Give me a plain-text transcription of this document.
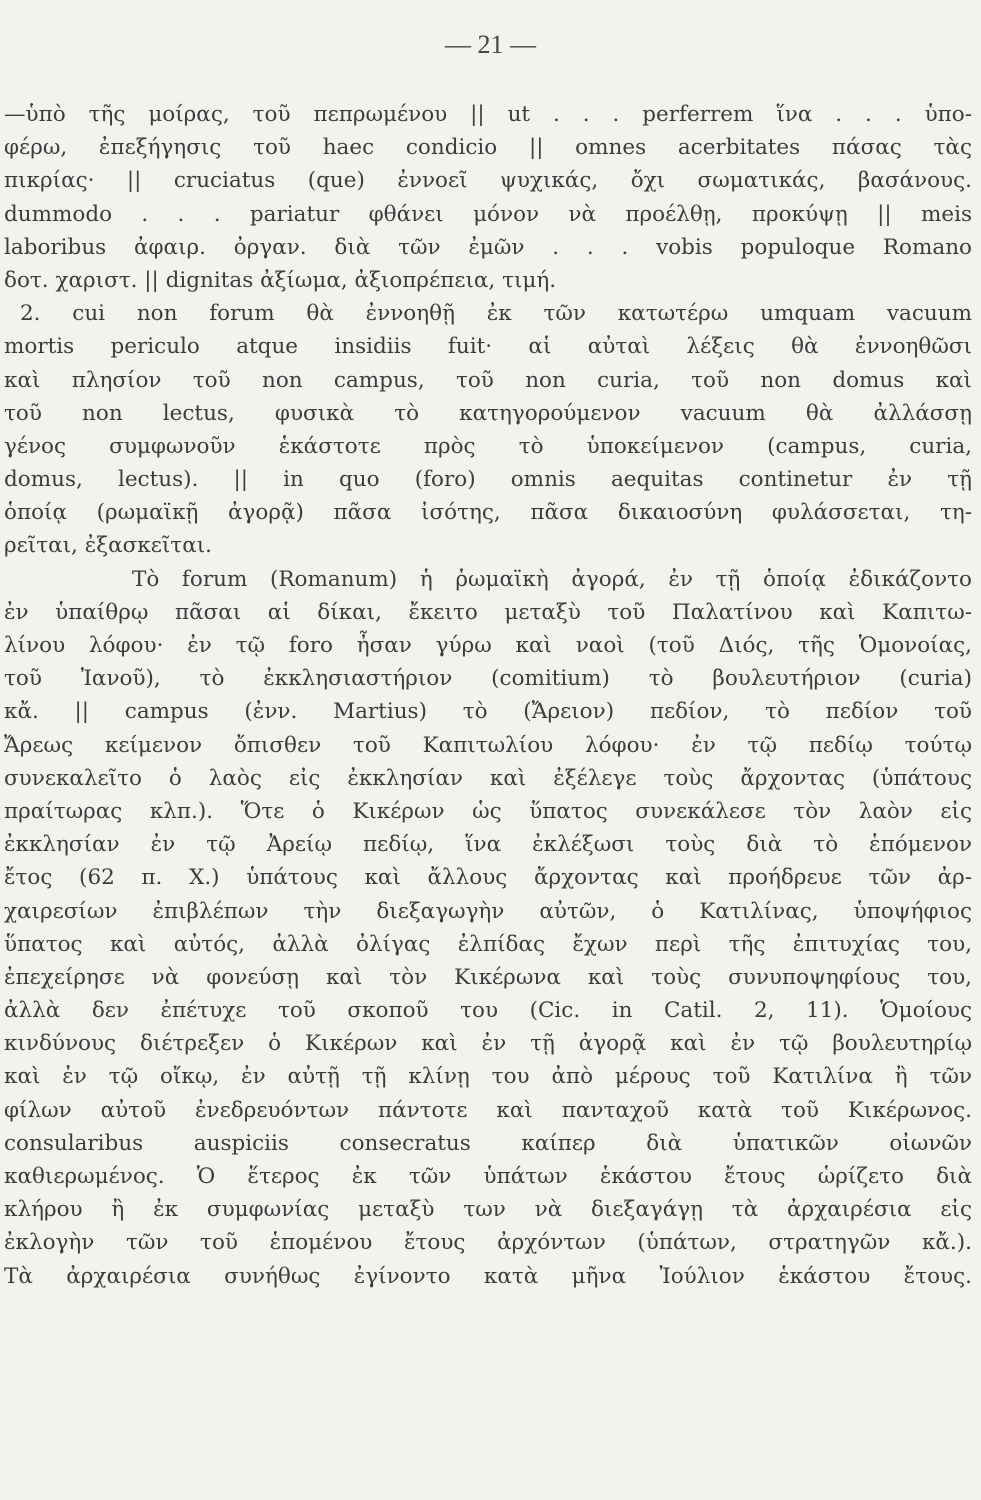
— 21 —
—ὑπὸ τῆς μοίρας, τοῦ πεπρωμένου || ut . . . perferrem ἵνα . . . ὑπο-
φέρω, ἐπεξήγησις τοῦ haec condicio || omnes acerbitates πάσας τὰς
πικρίας· || cruciatus (que) ἐννοεῖ ψυχικάς, ὄχι σωματικάς, βασάνους.
dummodo . . . pariatur φθάνει μόνον νὰ προέλθῃ, προκύψῃ || meis
laboribus ἀφαιρ. ὀργαν. διὰ τῶν ἐμῶν . . . vobis populoque Romano
δοτ. χαριστ. || dignitas ἀξίωμα, ἀξιοπρέπεια, τιμή.
2. cui non forum θὰ ἐννοηθῇ ἐκ τῶν κατωτέρω umquam vacuum
mortis periculo atque insidiis fuit· αἱ αὐταὶ λέξεις θὰ ἐννοηθῶσι
καὶ πλησίον τοῦ non campus, τοῦ non curia, τοῦ non domus καὶ
τοῦ non lectus, φυσικὰ τὸ κατηγορούμενον vacuum θὰ ἀλλάσσῃ
γένος συμφωνοῦν ἑκάστοτε πρὸς τὸ ὑποκείμενον (campus, curia,
domus, lectus). || in quo (foro) omnis aequitas continetur ἐν τῇ
ὁποίᾳ (ρωμαϊκῇ ἀγορᾷ) πᾶσα ἰσότης, πᾶσα δικαιοσύνη φυλάσσεται, τη-
ρεῖται, ἐξασκεῖται.
Τὸ forum (Romanum) ἡ ῥωμαϊκὴ ἀγορά, ἐν τῇ ὁποίᾳ ἐδικάζοντο
ἐν ὑπαίθρῳ πᾶσαι αἱ δίκαι, ἔκειτο μεταξὺ τοῦ Παλατίνου καὶ Καπιτω-
λίνου λόφου· ἐν τῷ foro ἦσαν γύρω καὶ ναοὶ (τοῦ Διός, τῆς Ὁμονοίας,
τοῦ Ἰανοῦ), τὸ ἐκκλησιαστήριον (comitium) τὸ βουλευτήριον (curia)
κἄ. || campus (ἐνν. Martius) τὸ (Ἄρειον) πεδίον, τὸ πεδίον τοῦ
Ἄρεως κείμενον ὄπισθεν τοῦ Καπιτωλίου λόφου· ἐν τῷ πεδίῳ τούτῳ
συνεκαλεῖτο ὁ λαὸς εἰς ἐκκλησίαν καὶ ἐξέλεγε τοὺς ἄρχοντας (ὑπάτους
πραίτωρας κλπ.). Ὅτε ὁ Κικέρων ὡς ὕπατος συνεκάλεσε τὸν λαὸν εἰς
ἐκκλησίαν ἐν τῷ Ἀρείῳ πεδίῳ, ἵνα ἐκλέξωσι τοὺς διὰ τὸ ἑπόμενον
ἔτος (62 π. Χ.) ὑπάτους καὶ ἄλλους ἄρχοντας καὶ προήδρευε τῶν ἀρ-
χαιρεσίων ἐπιβλέπων τὴν διεξαγωγὴν αὐτῶν, ὁ Κατιλίνας, ὑποψήφιος
ὕπατος καὶ αὐτός, ἀλλὰ ὀλίγας ἐλπίδας ἔχων περὶ τῆς ἐπιτυχίας του,
ἐπεχείρησε νὰ φονεύσῃ καὶ τὸν Κικέρωνα καὶ τοὺς συνυποψηφίους του,
ἀλλὰ δεν ἐπέτυχε τοῦ σκοποῦ του (Cic. in Catil. 2, 11). Ὁμοίους
κινδύνους διέτρεξεν ὁ Κικέρων καὶ ἐν τῇ ἀγορᾷ καὶ ἐν τῷ βουλευτηρίῳ
καὶ ἐν τῷ οἴκῳ, ἐν αὐτῇ τῇ κλίνῃ του ἀπὸ μέρους τοῦ Κατιλίνα ἢ τῶν
φίλων αὐτοῦ ἐνεδρευόντων πάντοτε καὶ πανταχοῦ κατὰ τοῦ Κικέρωνος.
consularibus auspiciis consecratus καίπερ διὰ ὑπατικῶν οἰωνῶν
καθιερωμένος. Ὁ ἕτερος ἐκ τῶν ὑπάτων ἑκάστου ἔτους ὡρίζετο διὰ
κλήρου ἢ ἐκ συμφωνίας μεταξὺ των νὰ διεξαγάγῃ τὰ ἀρχαιρέσια εἰς
ἐκλογὴν τῶν τοῦ ἑπομένου ἔτους ἀρχόντων (ὑπάτων, στρατηγῶν κἄ.).
Τὰ ἀρχαιρέσια συνήθως ἐγίνοντο κατὰ μῆνα Ἰούλιον ἑκάστου ἔτους.
